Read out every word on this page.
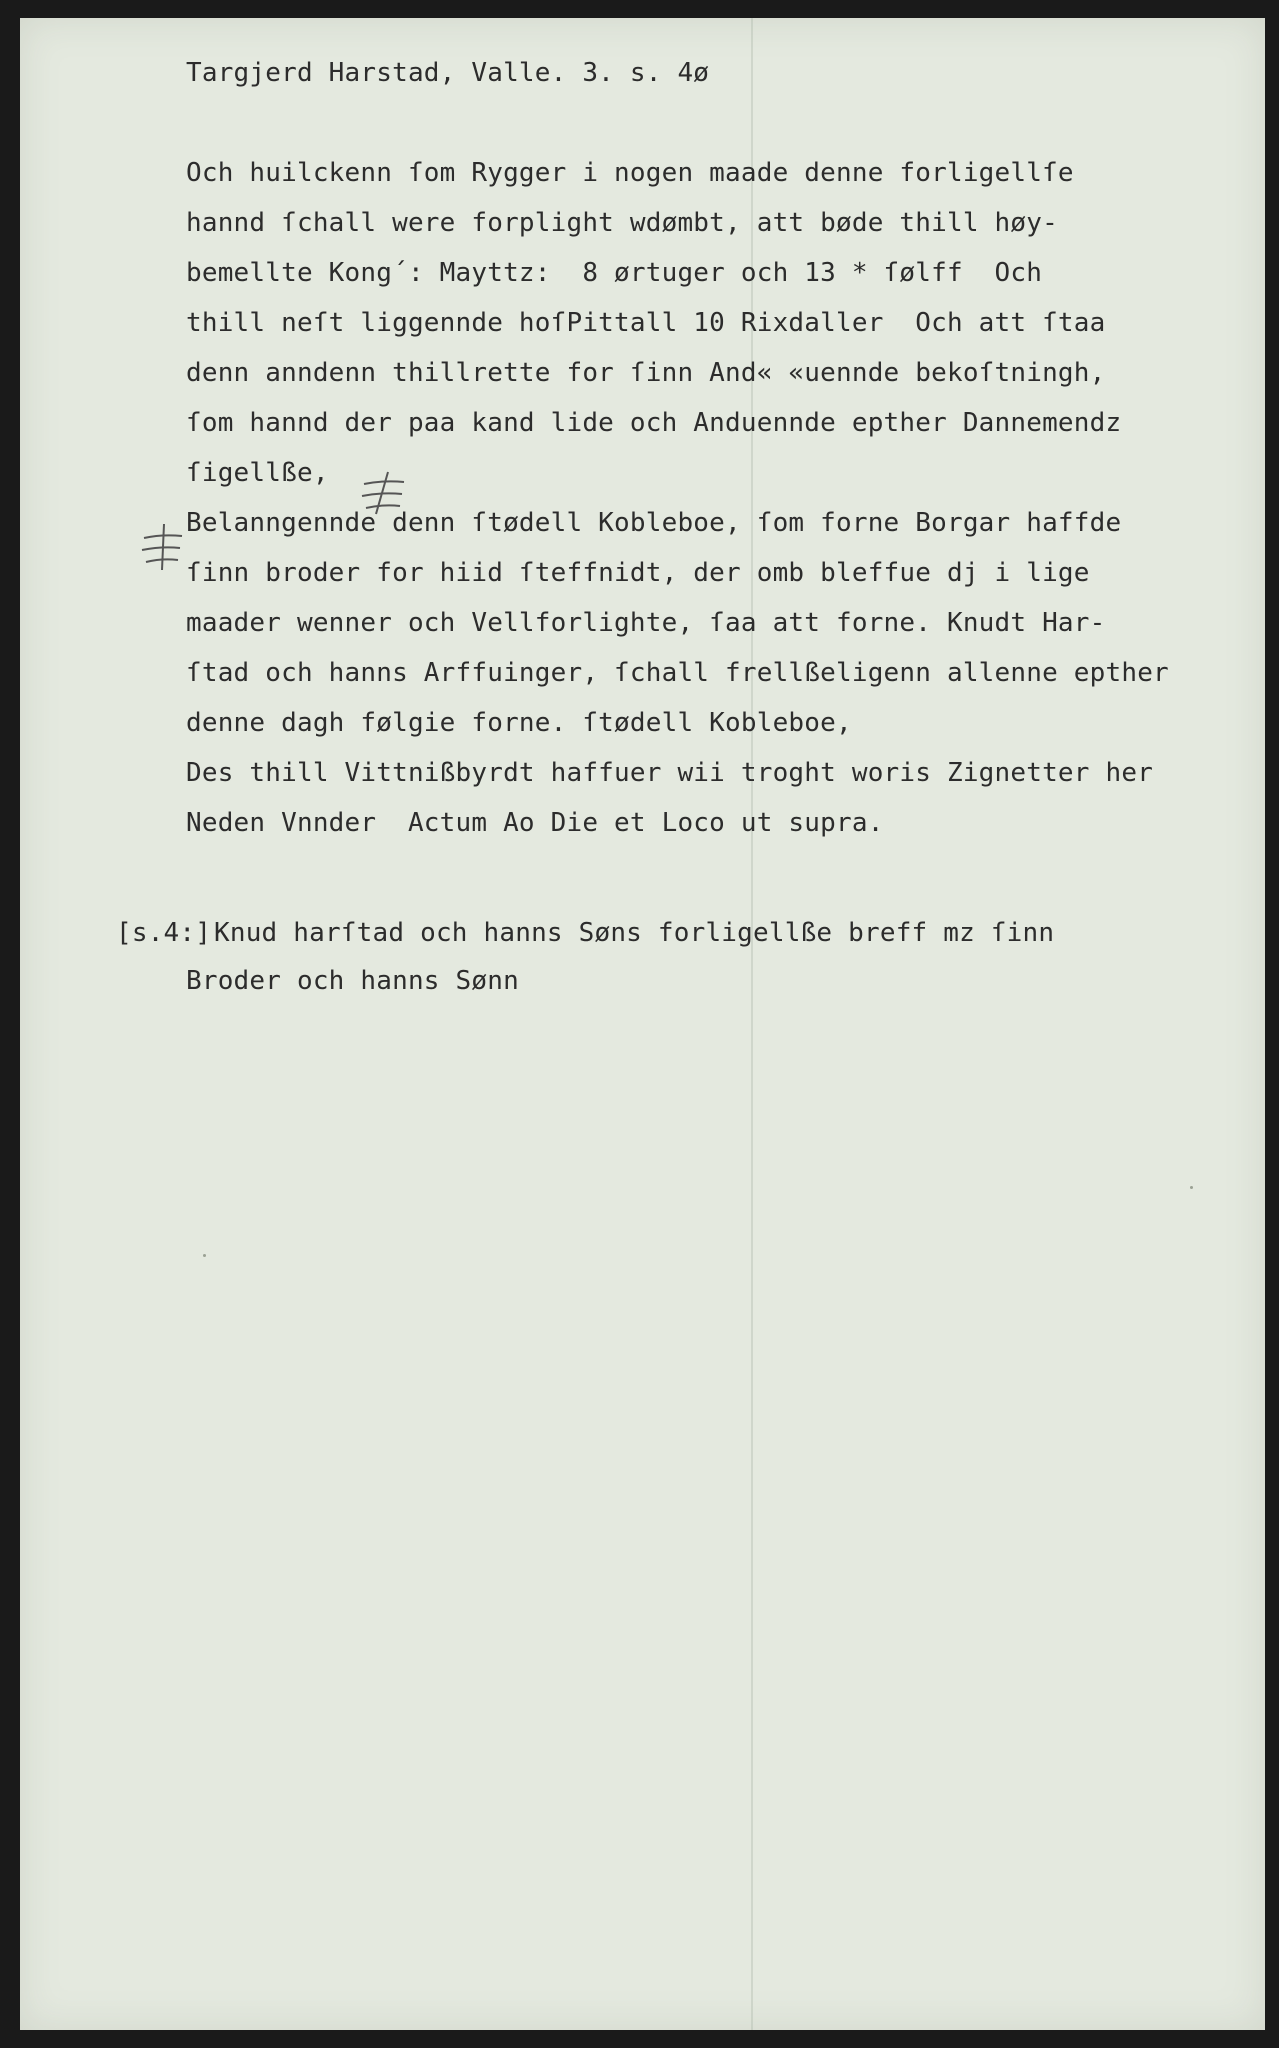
Targjerd Harstad, Valle. 3. s. 4ø

Och huilckenn ſom Rygger i nogen maade denne forligellſe

hannd ſchall were forplight wdømbt, att bøde thill høy-

bemellte Kong´: Mayttz:  8 ørtuger och 13 * ſølff  Och

thill neſt liggennde hoſPittall 10 Rixdaller  Och att ſtaa

denn anndenn thillrette for ſinn And« «uennde bekoſtningh,

ſom hannd der paa kand lide och Anduennde epther Dannemendz

ſigellße,

Belanngennde denn ſtødell Kobleboe, ſom forne Borgar haffde

ſinn broder for hiid ſteffnidt, der omb bleffue dj i lige

maader wenner och Vellforlighte, ſaa att forne. Knudt Har-

ſtad och hanns Arffuinger, ſchall frellßeligenn allenne epther

denne dagh følgie forne. ſtødell Kobleboe,

Des thill Vittnißbyrdt haffuer wii troght woris Zignetter her

Neden Vnnder  Actum Ao Die et Loco ut supra.

[s.4:]

Knud harſtad och hanns Søns forligellße breff mz ſinn

Broder och hanns Sønn
